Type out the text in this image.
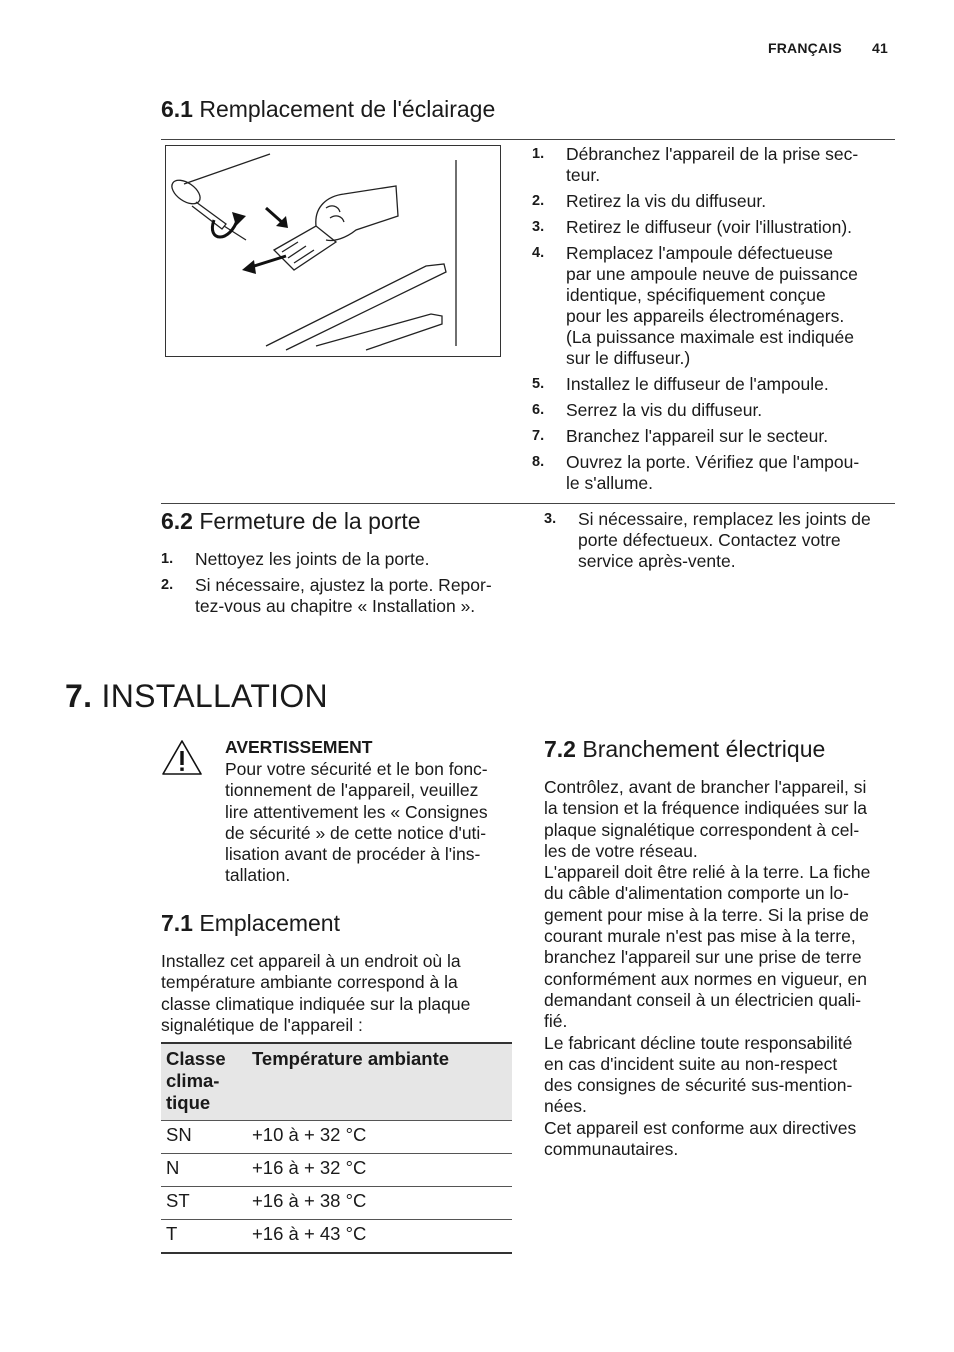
FRANÇAIS 41
6.1 Remplacement de l'éclairage
1. Débranchez l'appareil de la prise sec-
teur.
2. Retirez la vis du diffuseur.
3. Retirez le diffuseur (voir l'illustration).
4. Remplacez l'ampoule défectueuse
par une ampoule neuve de puissance
identique, spécifiquement conçue
pour les appareils électroménagers.
(La puissance maximale est indiquée
sur le diffuseur.)
5. Installez le diffuseur de l'ampoule.
6. Serrez la vis du diffuseur.
7. Branchez l'appareil sur le secteur.
8. Ouvrez la porte. Vérifiez que l'ampou-
le s'allume.
6.2 Fermeture de la porte
1. Nettoyez les joints de la porte.
2. Si nécessaire, ajustez la porte. Repor-
tez-vous au chapitre « Installation ».
3. Si nécessaire, remplacez les joints de
porte défectueux. Contactez votre
service après-vente.
7. INSTALLATION
AVERTISSEMENT
Pour votre sécurité et le bon fonc-
tionnement de l'appareil, veuillez
lire attentivement les « Consignes
de sécurité » de cette notice d'uti-
lisation avant de procéder à l'ins-
tallation.
7.1 Emplacement
Installez cet appareil à un endroit où la
température ambiante correspond à la
classe climatique indiquée sur la plaque
signalétique de l'appareil :
Classe
clima-
tique	Température ambiante
SN	+10 à + 32 °C
N	+16 à + 32 °C
ST	+16 à + 38 °C
T	+16 à + 43 °C
7.2 Branchement électrique
Contrôlez, avant de brancher l'appareil, si
la tension et la fréquence indiquées sur la
plaque signalétique correspondent à cel-
les de votre réseau.
L'appareil doit être relié à la terre. La fiche
du câble d'alimentation comporte un lo-
gement pour mise à la terre. Si la prise de
courant murale n'est pas mise à la terre,
branchez l'appareil sur une prise de terre
conformément aux normes en vigueur, en
demandant conseil à un électricien quali-
fié.
Le fabricant décline toute responsabilité
en cas d'incident suite au non-respect
des consignes de sécurité sus-mention-
nées.
Cet appareil est conforme aux directives
communautaires.
